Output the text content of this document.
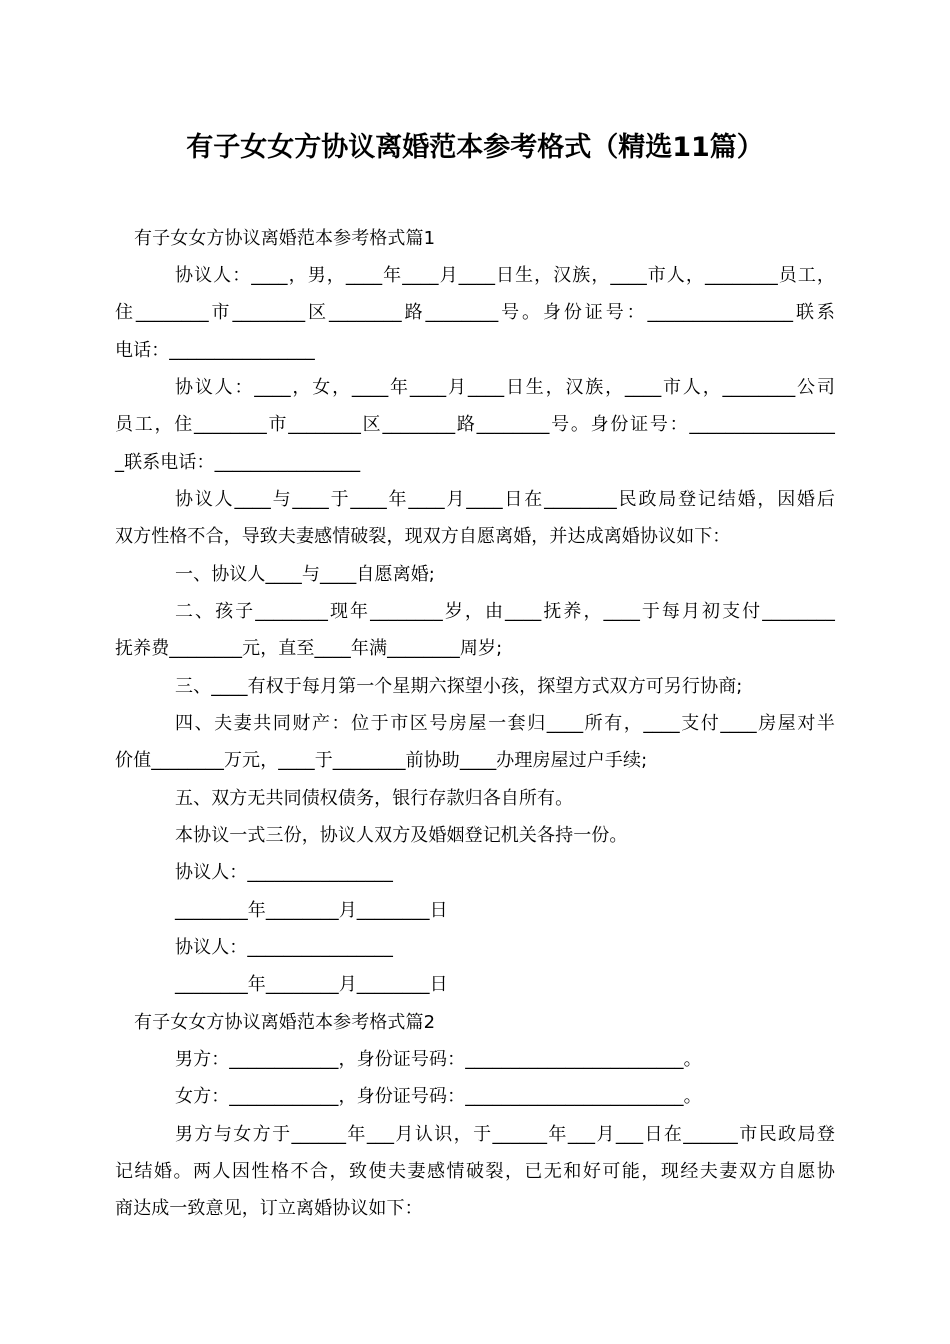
有子女女方协议离婚范本参考格式（精选11篇）
有子女女方协议离婚范本参考格式篇1
协议人：____，男，____年____月____日生，汉族，____市人，________员工，
住________市________区________路________号。身份证号：________________联系
电话：________________
协议人：____，女，____年____月____日生，汉族，____市人，________公司
员工，住________市________区________路________号。身份证号：________________
_联系电话：________________
协议人____与____于____年____月____日在________民政局登记结婚，因婚后
双方性格不合，导致夫妻感情破裂，现双方自愿离婚，并达成离婚协议如下：
一、协议人____与____自愿离婚;
二、孩子________现年________岁，由____抚养，____于每月初支付________
抚养费________元，直至____年满________周岁;
三、____有权于每月第一个星期六探望小孩，探望方式双方可另行协商;
四、夫妻共同财产：位于市区号房屋一套归____所有，____支付____房屋对半
价值________万元，____于________前协助____办理房屋过户手续;
五、双方无共同债权债务，银行存款归各自所有。
本协议一式三份，协议人双方及婚姻登记机关各持一份。
协议人：________________
________年________月________日
协议人：________________
________年________月________日
有子女女方协议离婚范本参考格式篇2
男方：____________，身份证号码：________________________。
女方：____________，身份证号码：________________________。
男方与女方于______年___月认识，于______年___月___日在______市民政局登
记结婚。两人因性格不合，致使夫妻感情破裂，已无和好可能，现经夫妻双方自愿协
商达成一致意见，订立离婚协议如下：
